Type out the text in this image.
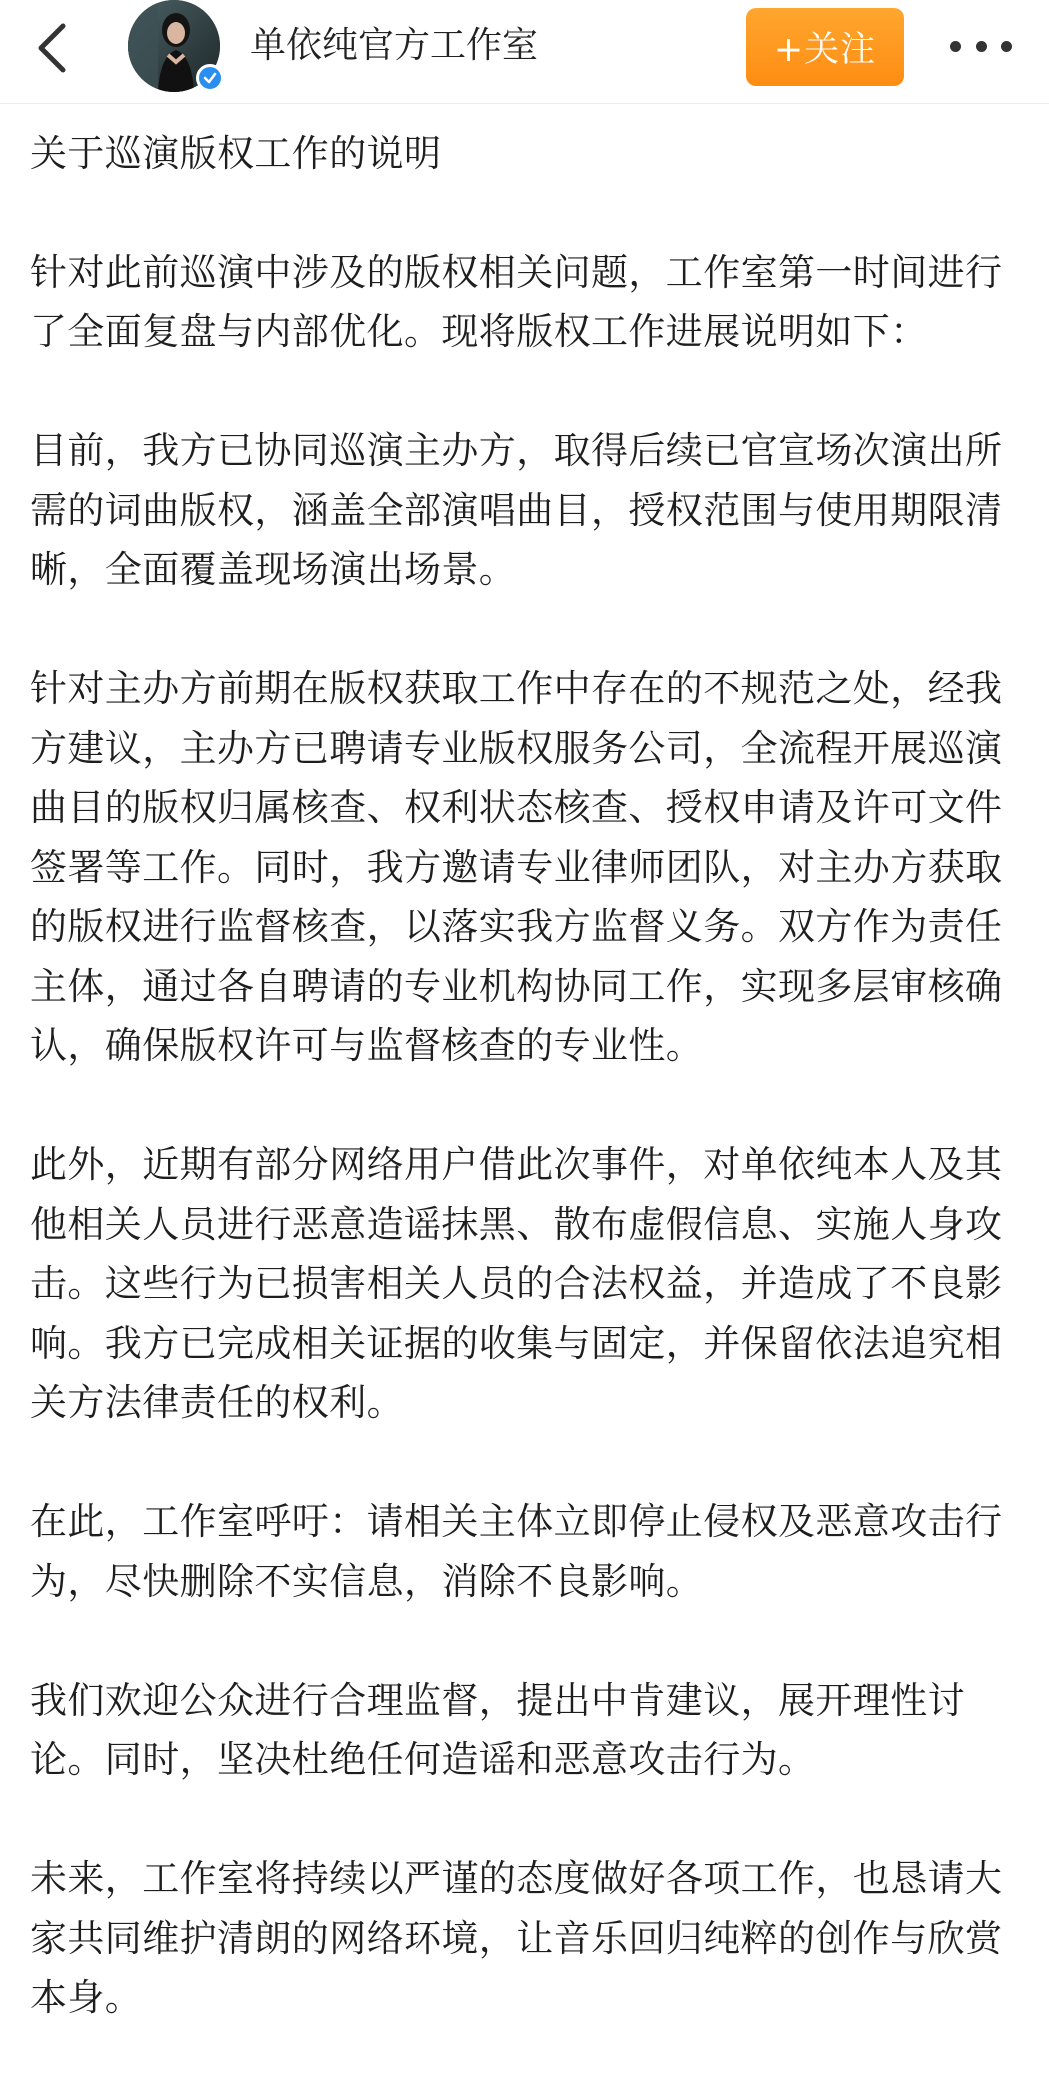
单依纯官方工作室	+关注

关于巡演版权工作的说明

针对此前巡演中涉及的版权相关问题，工作室第一时间进行了全面复盘与内部优化。现将版权工作进展说明如下：

目前，我方已协同巡演主办方，取得后续已官宣场次演出所需的词曲版权，涵盖全部演唱曲目，授权范围与使用期限清晰，全面覆盖现场演出场景。

针对主办方前期在版权获取工作中存在的不规范之处，经我方建议，主办方已聘请专业版权服务公司，全流程开展巡演曲目的版权归属核查、权利状态核查、授权申请及许可文件签署等工作。同时，我方邀请专业律师团队，对主办方获取的版权进行监督核查，以落实我方监督义务。双方作为责任主体，通过各自聘请的专业机构协同工作，实现多层审核确认，确保版权许可与监督核查的专业性。

此外，近期有部分网络用户借此次事件，对单依纯本人及其他相关人员进行恶意造谣抹黑、散布虚假信息、实施人身攻击。这些行为已损害相关人员的合法权益，并造成了不良影响。我方已完成相关证据的收集与固定，并保留依法追究相关方法律责任的权利。

在此，工作室呼吁：请相关主体立即停止侵权及恶意攻击行为，尽快删除不实信息，消除不良影响。

我们欢迎公众进行合理监督，提出中肯建议，展开理性讨论。同时，坚决杜绝任何造谣和恶意攻击行为。

未来，工作室将持续以严谨的态度做好各项工作，也恳请大家共同维护清朗的网络环境，让音乐回归纯粹的创作与欣赏本身。
